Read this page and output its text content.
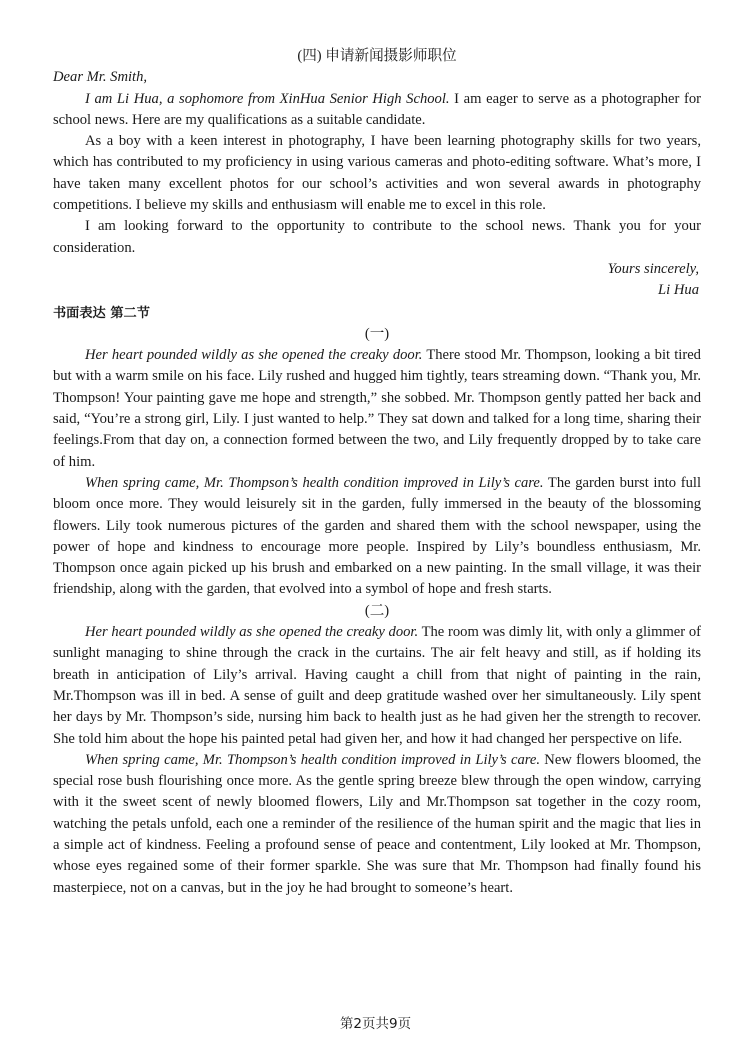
(四) 申请新闻摄影师职位

Dear Mr. Smith,

I am Li Hua, a sophomore from XinHua Senior High School. I am eager to serve as a photographer for school news. Here are my qualifications as a suitable candidate.

As a boy with a keen interest in photography, I have been learning photography skills for two years, which has contributed to my proficiency in using various cameras and photo-editing software. What’s more, I have taken many excellent photos for our school’s activities and won several awards in photography competitions. I believe my skills and enthusiasm will enable me to excel in this role.

I am looking forward to the opportunity to contribute to the school news. Thank you for your consideration.

Yours sincerely,
Li Hua
书面表达 第二节
(一)

Her heart pounded wildly as she opened the creaky door. There stood Mr. Thompson, looking a bit tired but with a warm smile on his face. Lily rushed and hugged him tightly, tears streaming down. “Thank you, Mr. Thompson! Your painting gave me hope and strength,” she sobbed. Mr. Thompson gently patted her back and said, “You’re a strong girl, Lily. I just wanted to help.” They sat down and talked for a long time, sharing their feelings.From that day on, a connection formed between the two, and Lily frequently dropped by to take care of him.

When spring came, Mr. Thompson’s health condition improved in Lily’s care. The garden burst into full bloom once more. They would leisurely sit in the garden, fully immersed in the beauty of the blossoming flowers. Lily took numerous pictures of the garden and shared them with the school newspaper, using the power of hope and kindness to encourage more people. Inspired by Lily’s boundless enthusiasm, Mr. Thompson once again picked up his brush and embarked on a new painting. In the small village, it was their friendship, along with the garden, that evolved into a symbol of hope and fresh starts.

(二)

Her heart pounded wildly as she opened the creaky door. The room was dimly lit, with only a glimmer of sunlight managing to shine through the crack in the curtains. The air felt heavy and still, as if holding its breath in anticipation of Lily’s arrival. Having caught a chill from that night of painting in the rain, Mr.Thompson was ill in bed. A sense of guilt and deep gratitude washed over her simultaneously. Lily spent her days by Mr. Thompson’s side, nursing him back to health just as he had given her the strength to recover. She told him about the hope his painted petal had given her, and how it had changed her perspective on life.

When spring came, Mr. Thompson’s health condition improved in Lily’s care. New flowers bloomed, the special rose bush flourishing once more. As the gentle spring breeze blew through the open window, carrying with it the sweet scent of newly bloomed flowers, Lily and Mr.Thompson sat together in the cozy room, watching the petals unfold, each one a reminder of the resilience of the human spirit and the magic that lies in a simple act of kindness. Feeling a profound sense of peace and contentment, Lily looked at Mr. Thompson, whose eyes regained some of their former sparkle. She was sure that Mr. Thompson had finally found his masterpiece, not on a canvas, but in the joy he had brought to someone’s heart.

第2页共9页
